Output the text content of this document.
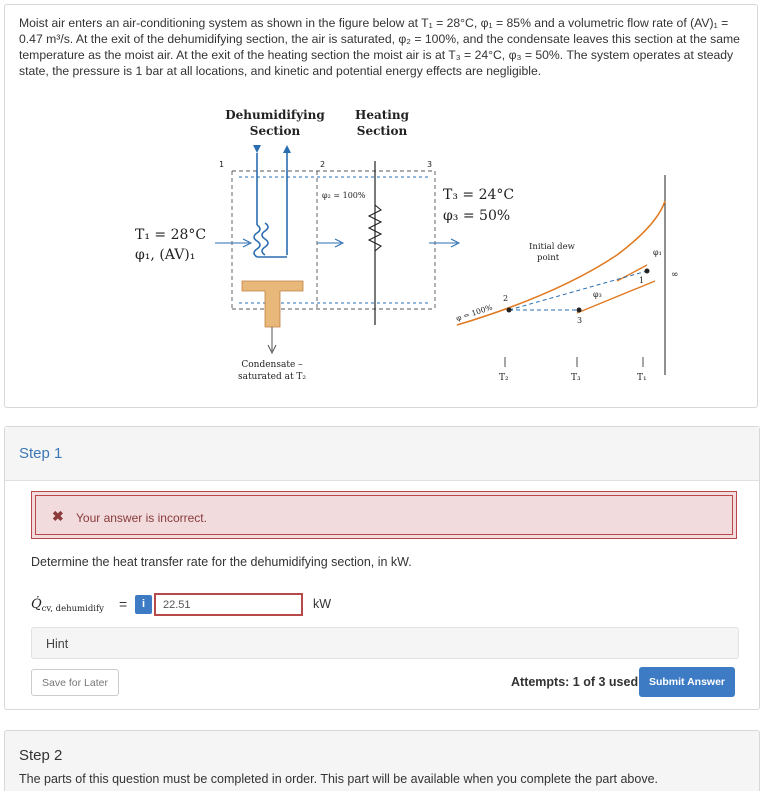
Moist air enters an air-conditioning system as shown in the figure below at T₁ = 28°C, φ₁ = 85% and a volumetric flow rate of (AV)₁ = 0.47 m³/s. At the exit of the dehumidifying section, the air is saturated, φ₂ = 100%, and the condensate leaves this section at the same temperature as the moist air. At the exit of the heating section the moist air is at T₃ = 24°C, φ₃ = 50%. The system operates at steady state, the pressure is 1 bar at all locations, and kinetic and potential energy effects are negligible.
Dehumidifying
Section
Heating
Section
1	2	3
Condensate –
saturated at T₂
φ₂ = 100%
T₁ = 28°C
φ₁, (AV)₁
T₃ = 24°C
φ₃ = 50%
Initial dew
point
φ = 100%
φ₁
φ₃
∞
2
3
1
T₂	T₃	T₁
Step 1
✖ Your answer is incorrect.
Determine the heat transfer rate for the dehumidifying section, in kW.
$Q̇_{cv, dehumidify}$ =	i
22.51	kW
Hint
Save for Later	Attempts: 1 of 3 used	Submit Answer
Step 2
The parts of this question must be completed in order. This part will be available when you complete the part above.
